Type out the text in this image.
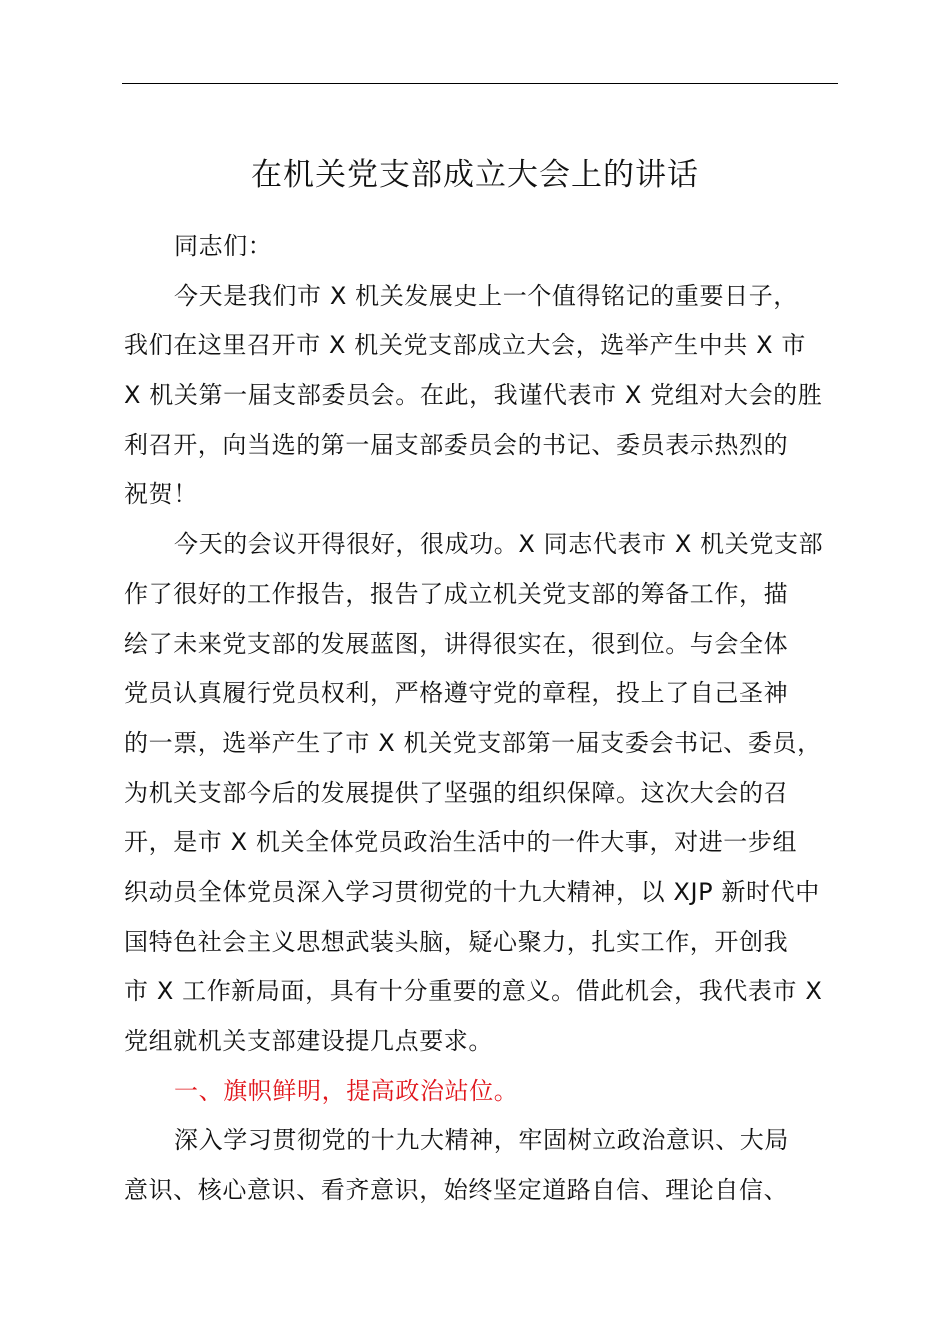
在机关党支部成立大会上的讲话
同志们：
今天是我们市 X 机关发展史上一个值得铭记的重要日子，
我们在这里召开市 X 机关党支部成立大会，选举产生中共 X 市
X 机关第一届支部委员会。在此，我谨代表市 X 党组对大会的胜
利召开，向当选的第一届支部委员会的书记、委员表示热烈的
祝贺！
今天的会议开得很好，很成功。X 同志代表市 X 机关党支部
作了很好的工作报告，报告了成立机关党支部的筹备工作，描
绘了未来党支部的发展蓝图，讲得很实在，很到位。与会全体
党员认真履行党员权利，严格遵守党的章程，投上了自己圣神
的一票，选举产生了市 X 机关党支部第一届支委会书记、委员，
为机关支部今后的发展提供了坚强的组织保障。这次大会的召
开，是市 X 机关全体党员政治生活中的一件大事，对进一步组
织动员全体党员深入学习贯彻党的十九大精神，以 XJP 新时代中
国特色社会主义思想武装头脑，疑心聚力，扎实工作，开创我
市 X 工作新局面，具有十分重要的意义。借此机会，我代表市 X
党组就机关支部建设提几点要求。
一、旗帜鲜明，提高政治站位。
深入学习贯彻党的十九大精神，牢固树立政治意识、大局
意识、核心意识、看齐意识，始终坚定道路自信、理论自信、
